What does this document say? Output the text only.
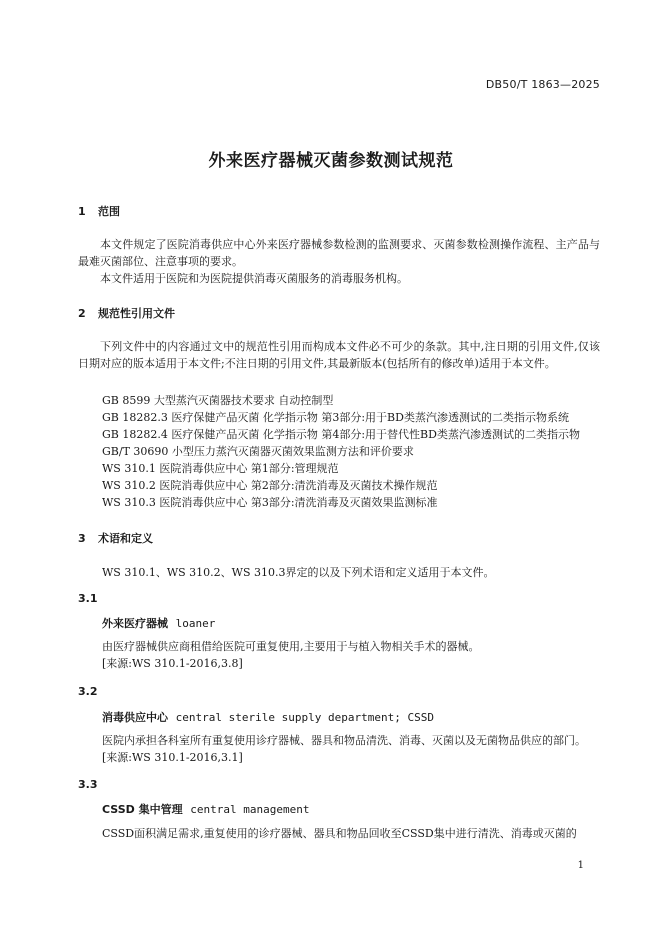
DB50/T 1863—2025
外来医疗器械灭菌参数测试规范
1 范围

本文件规定了医院消毒供应中心外来医疗器械参数检测的监测要求、灭菌参数检测操作流程、主产品与最难灭菌部位、注意事项的要求。

本文件适用于医院和为医院提供消毒灭菌服务的消毒服务机构。

2 规范性引用文件

下列文件中的内容通过文中的规范性引用而构成本文件必不可少的条款。其中,注日期的引用文件,仅该日期对应的版本适用于本文件;不注日期的引用文件,其最新版本(包括所有的修改单)适用于本文件。

GB 8599 大型蒸汽灭菌器技术要求 自动控制型
GB 18282.3 医疗保健产品灭菌 化学指示物 第3部分:用于BD类蒸汽渗透测试的二类指示物系统
GB 18282.4 医疗保健产品灭菌 化学指示物 第4部分:用于替代性BD类蒸汽渗透测试的二类指示物
GB/T 30690 小型压力蒸汽灭菌器灭菌效果监测方法和评价要求
WS 310.1 医院消毒供应中心 第1部分:管理规范
WS 310.2 医院消毒供应中心 第2部分:清洗消毒及灭菌技术操作规范
WS 310.3 医院消毒供应中心 第3部分:清洗消毒及灭菌效果监测标准
3 术语和定义
WS 310.1、WS 310.2、WS 310.3界定的以及下列术语和定义适用于本文件。
3.1
外来医疗器械 loaner
由医疗器械供应商租借给医院可重复使用,主要用于与植入物相关手术的器械。
[来源:WS 310.1-2016,3.8]
3.2
消毒供应中心 central sterile supply department; CSSD
医院内承担各科室所有重复使用诊疗器械、器具和物品清洗、消毒、灭菌以及无菌物品供应的部门。
[来源:WS 310.1-2016,3.1]
3.3
CSSD 集中管理 central management
CSSD面积满足需求,重复使用的诊疗器械、器具和物品回收至CSSD集中进行清洗、消毒或灭菌的
1
